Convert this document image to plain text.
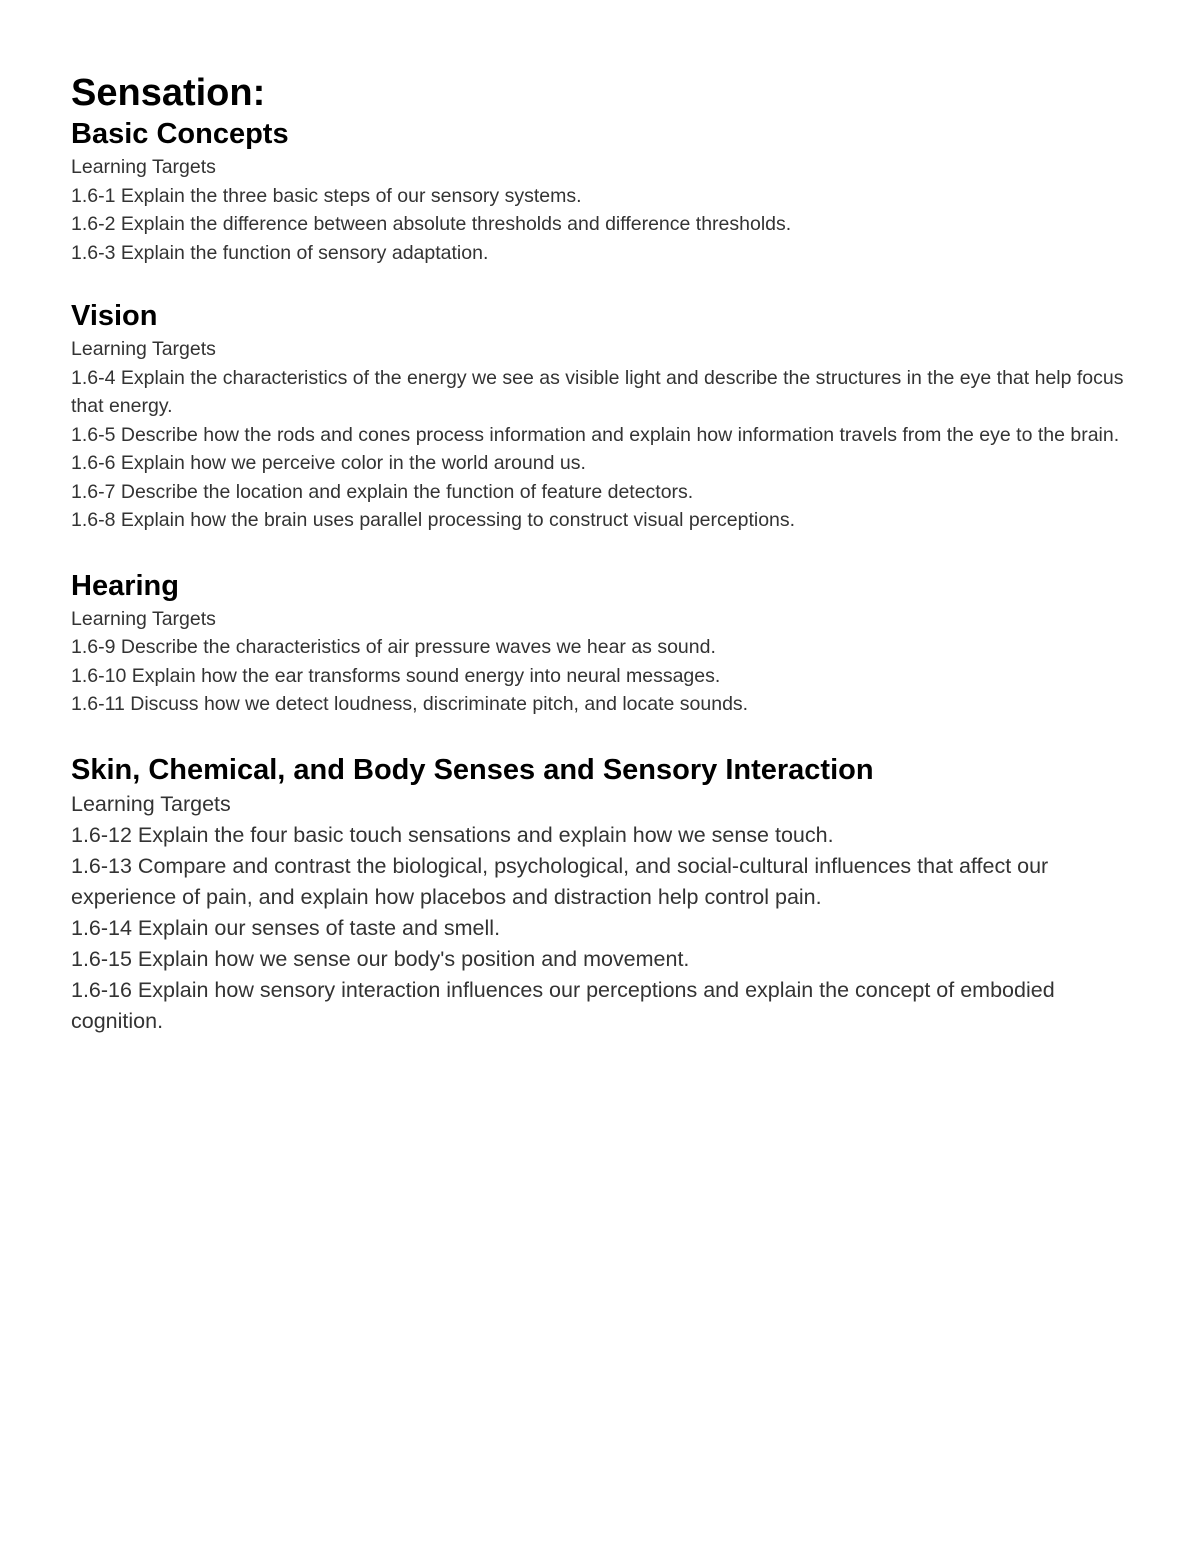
Sensation:
Basic Concepts

Learning Targets

1.6-1 Explain the three basic steps of our sensory systems.

1.6-2 Explain the difference between absolute thresholds and difference thresholds.

1.6-3 Explain the function of sensory adaptation.

Vision

Learning Targets

1.6-4 Explain the characteristics of the energy we see as visible light and describe the structures in the eye that help focus that energy.

1.6-5 Describe how the rods and cones process information and explain how information travels from the eye to the brain.

1.6-6 Explain how we perceive color in the world around us.

1.6-7 Describe the location and explain the function of feature detectors.

1.6-8 Explain how the brain uses parallel processing to construct visual perceptions.

Hearing

Learning Targets

1.6-9 Describe the characteristics of air pressure waves we hear as sound.

1.6-10 Explain how the ear transforms sound energy into neural messages.

1.6-11 Discuss how we detect loudness, discriminate pitch, and locate sounds.

Skin, Chemical, and Body Senses and Sensory Interaction

Learning Targets

1.6-12 Explain the four basic touch sensations and explain how we sense touch.

1.6-13 Compare and contrast the biological, psychological, and social-cultural influences that affect our experience of pain, and explain how placebos and distraction help control pain.

1.6-14 Explain our senses of taste and smell.

1.6-15 Explain how we sense our body's position and movement.

1.6-16 Explain how sensory interaction influences our perceptions and explain the concept of embodied cognition.
